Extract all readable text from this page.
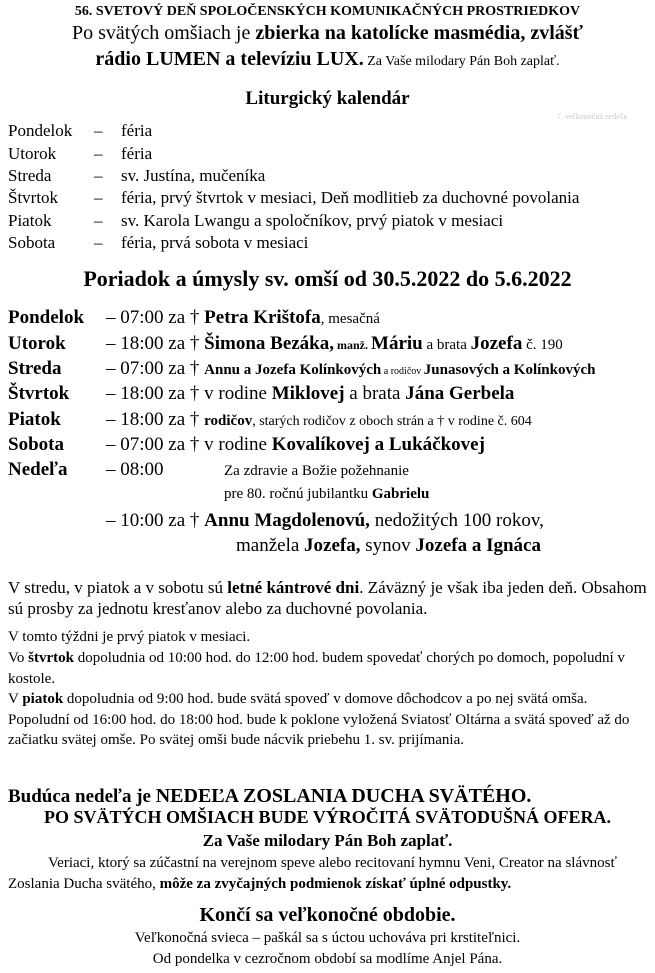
56. SVETOVÝ DEŇ SPOLOČENSKÝCH KOMUNIKAČNÝCH PROSTRIEDKOV
Po svätých omšiach je zbierka na katolícke masmédia, zvlášť
rádio LUMEN a televíziu LUX. Za Vaše milodary Pán Boh zaplať.
7. veľkonočná nedeľa
Liturgický kalendár
Pondelok – féria
Utorok – féria
Streda	– sv. Justína, mučeníka
Štvrtok – féria, prvý štvrtok v mesiaci, Deň modlitieb za duchovné povolania
Piatok	– sv. Karola Lwangu a spoločníkov, prvý piatok v mesiaci
Sobota – féria, prvá sobota v mesiaci
Poriadok a úmysly sv. omší od 30.5.2022 do 5.6.2022
Pondelok – 07:00 za † Petra Krištofa, mesačná
Utorok – 18:00 za † Šimona Bezáka, manž. Máriu a brata Jozefa č. 190
Streda – 07:00 za † Annu a Jozefa Kolínkových a rodičov Junasových a Kolínkových
Štvrtok – 18:00 za † v rodine Miklovej a brata Jána Gerbela
Piatok – 18:00 za † rodičov, starých rodičov z oboch strán a † v rodine č. 604
Sobota – 07:00 za † v rodine Kovalíkovej a Lukáčkovej
Nedeľa – 08:00	Za zdravie a Božie požehnanie
pre 80. ročnú jubilantku Gabrielu
– 10:00 za † Annu Magdolenovú, nedožitých 100 rokov,
manžela Jozefa, synov Jozefa a Ignáca
V stredu, v piatok a v sobotu sú letné kántrové dni. Záväzný je však iba jeden deň. Obsahom sú prosby za jednotu kresťanov alebo za duchovné povolania.
V tomto týždni je prvý piatok v mesiaci.
Vo štvrtok dopoludnia od 10:00 hod. do 12:00 hod. budem spovedať chorých po domoch, popoludní v kostole.
V piatok dopoludnia od 9:00 hod. bude svätá spoveď v domove dôchodcov a po nej svätá omša. Popoludní od 16:00 hod. do 18:00 hod. bude k poklone vyložená Sviatosť Oltárna a svätá spoveď až do začiatku svätej omše. Po svätej omši bude nácvik priebehu 1. sv. prijímania.
Budúca nedeľa je NEDEĽA ZOSLANIA DUCHA SVÄTÉHO.
PO SVÄTÝCH OMŠIACH BUDE VÝROČITÁ SVÄTODUŠNÁ OFERA.
Za Vaše milodary Pán Boh zaplať.
Veriaci, ktorý sa zúčastní na verejnom speve alebo recitovaní hymnu Veni, Creator na slávnosť Zoslania Ducha svätého, môže za zvyčajných podmienok získať úplné odpustky.
Končí sa veľkonočné obdobie.
Veľkonočná svieca – paškál sa s úctou uchováva pri krstiteľnici.
Od pondelka v cezročnom období sa modlíme Anjel Pána.
